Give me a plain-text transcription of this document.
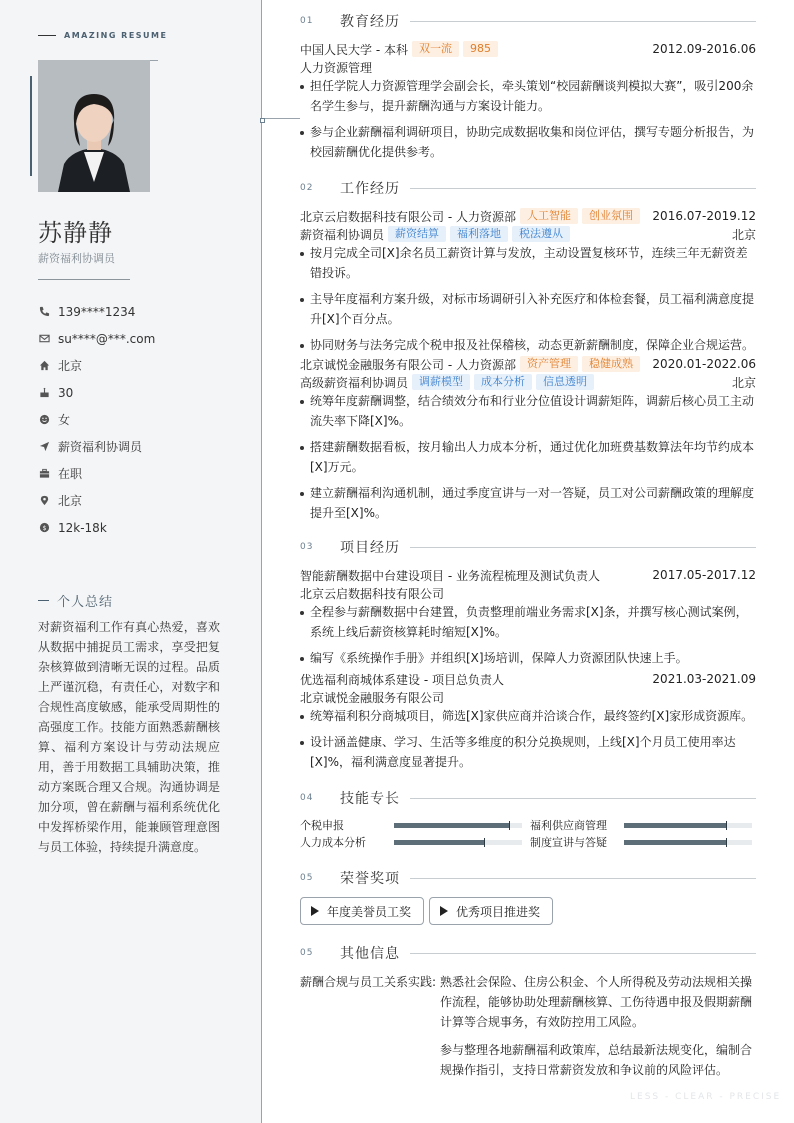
AMAZING RESUME
苏静静
薪资福利协调员
139****1234
su****@***.com
北京
30
女
薪资福利协调员
在职
北京
$ 12k-18k
个人总结
对薪资福利工作有真心热爱，喜欢从数据中捕捉员工需求，享受把复杂核算做到清晰无误的过程。品质上严谨沉稳，有责任心，对数字和合规性高度敏感，能承受周期性的高强度工作。技能方面熟悉薪酬核算、福利方案设计与劳动法规应用，善于用数据工具辅助决策，推动方案既合理又合规。沟通协调是加分项，曾在薪酬与福利系统优化中发挥桥梁作用，能兼顾管理意图与员工体验，持续提升满意度。
01	教育经历
中国人民大学 - 本科	双一流	985	2012.09-2016.06
人力资源管理
担任学院人力资源管理学会副会长，牵头策划“校园薪酬谈判模拟大赛”，吸引200余名学生参与，提升薪酬沟通与方案设计能力。
参与企业薪酬福利调研项目，协助完成数据收集和岗位评估，撰写专题分析报告，为校园薪酬优化提供参考。
02	工作经历
北京云启数据科技有限公司 - 人力资源部	人工智能	创业氛围	2016.07-2019.12
薪资福利协调员	薪资结算	福利落地	税法遵从	北京
按月完成全司[X]余名员工薪资计算与发放，主动设置复核环节，连续三年无薪资差错投诉。
主导年度福利方案升级，对标市场调研引入补充医疗和体检套餐，员工福利满意度提升[X]个百分点。
协同财务与法务完成个税申报及社保稽核，动态更新薪酬制度，保障企业合规运营。
北京诚悦金融服务有限公司 - 人力资源部	资产管理	稳健成熟	2020.01-2022.06
高级薪资福利协调员	调薪模型	成本分析	信息透明	北京
统筹年度薪酬调整，结合绩效分布和行业分位值设计调薪矩阵，调薪后核心员工主动流失率下降[X]%。
搭建薪酬数据看板，按月输出人力成本分析，通过优化加班费基数算法年均节约成本[X]万元。
建立薪酬福利沟通机制，通过季度宣讲与一对一答疑，员工对公司薪酬政策的理解度提升至[X]%。
03	项目经历
智能薪酬数据中台建设项目 - 业务流程梳理及测试负责人	2017.05-2017.12
北京云启数据科技有限公司
全程参与薪酬数据中台建置，负责整理前端业务需求[X]条，并撰写核心测试案例，系统上线后薪资核算耗时缩短[X]%。
编写《系统操作手册》并组织[X]场培训，保障人力资源团队快速上手。
优选福利商城体系建设 - 项目总负责人	2021.03-2021.09
北京诚悦金融服务有限公司
统筹福利积分商城项目，筛选[X]家供应商并洽谈合作，最终签约[X]家形成资源库。
设计涵盖健康、学习、生活等多维度的积分兑换规则，上线[X]个月员工使用率达[X]%，福利满意度显著提升。
04	技能专长
个税申报	福利供应商管理
人力成本分析	制度宣讲与答疑
05	荣誉奖项
年度美誉员工奖	优秀项目推进奖
05	其他信息
薪酬合规与员工关系实践: 熟悉社会保险、住房公积金、个人所得税及劳动法规相关操作流程，能够协助处理薪酬核算、工伤待遇申报及假期薪酬计算等合规事务，有效防控用工风险。
参与整理各地薪酬福利政策库，总结最新法规变化，编制合规操作指引，支持日常薪资发放和争议前的风险评估。
LESS - CLEAR - PRECISE
